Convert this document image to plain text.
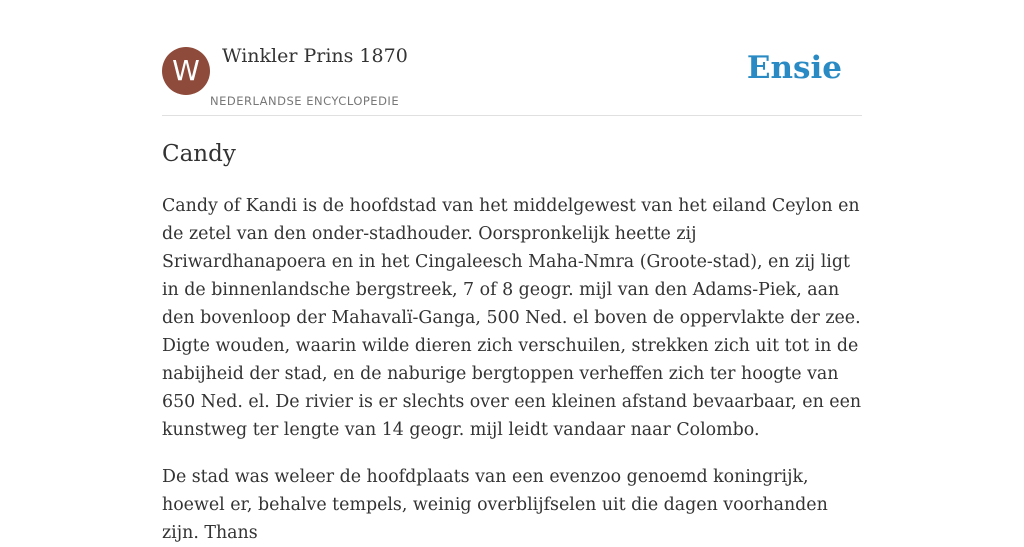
W	Winkler Prins 1870
NEDERLANDSE ENCYCLOPEDIE
Ensie
Candy

Candy of Kandi is de hoofdstad van het middelgewest van het eiland Ceylon en de zetel van den onder-stadhouder. Oorspronkelijk heette zij Sriwardhanapoera en in het Cingaleesch Maha-Nmra (Groote-stad), en zij ligt in de binnenlandsche bergstreek, 7 of 8 geogr. mijl van den Adams-Piek, aan den bovenloop der Mahavalï-Ganga, 500 Ned. el boven de oppervlakte der zee. Digte wouden, waarin wilde dieren zich verschuilen, strekken zich uit tot in de nabijheid der stad, en de naburige bergtoppen verheffen zich ter hoogte van 650 Ned. el. De rivier is er slechts over een kleinen afstand bevaarbaar, en een kunstweg ter lengte van 14 geogr. mijl leidt vandaar naar Colombo.

De stad was weleer de hoofdplaats van een evenzoo genoemd koningrijk, hoewel er, behalve tempels, weinig overblijfselen uit die dagen voorhanden zijn. Thans
